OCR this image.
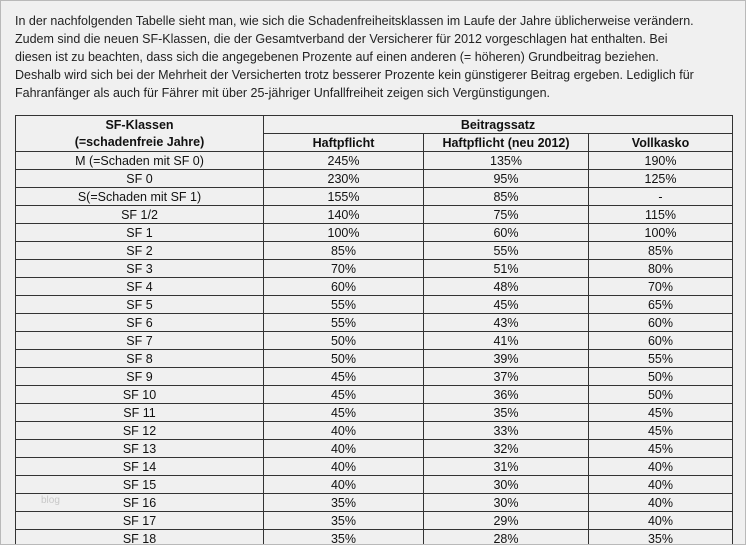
In der nachfolgenden Tabelle sieht man, wie sich die Schadenfreiheitsklassen im Laufe der Jahre üblicherweise verändern.
Zudem sind die neuen SF-Klassen, die der Gesamtverband der Versicherer für 2012 vorgeschlagen hat enthalten. Bei
diesen ist zu beachten, dass sich die angegebenen Prozente auf einen anderen (= höheren) Grundbeitrag beziehen.
Deshalb wird sich bei der Mehrheit der Versicherten trotz besserer Prozente kein günstigerer Beitrag ergeben. Lediglich für
Fahranfänger als auch für Fährer mit über 25-jähriger Unfallfreiheit zeigen sich Vergünstigungen.

SF-Klassen
(=schadenfreie Jahre)	Beitragssatz		
	Haftpflicht	Haftpflicht (neu 2012)	Vollkasko
M (=Schaden mit SF 0)	245%	135%	190%
SF 0	230%	95%	125%
S(=Schaden mit SF 1)	155%	85%	-
SF 1/2	140%	75%	115%
SF 1	100%	60%	100%
SF 2	85%	55%	85%
SF 3	70%	51%	80%
SF 4	60%	48%	70%
SF 5	55%	45%	65%
SF 6	55%	43%	60%
SF 7	50%	41%	60%
SF 8	50%	39%	55%
SF 9	45%	37%	50%
SF 10	45%	36%	50%
SF 11	45%	35%	45%
SF 12	40%	33%	45%
SF 13	40%	32%	45%
SF 14	40%	31%	40%
SF 15	40%	30%	40%
SF 16	35%	30%	40%
SF 17	35%	29%	40%
SF 18	35%	28%	35%
blog
